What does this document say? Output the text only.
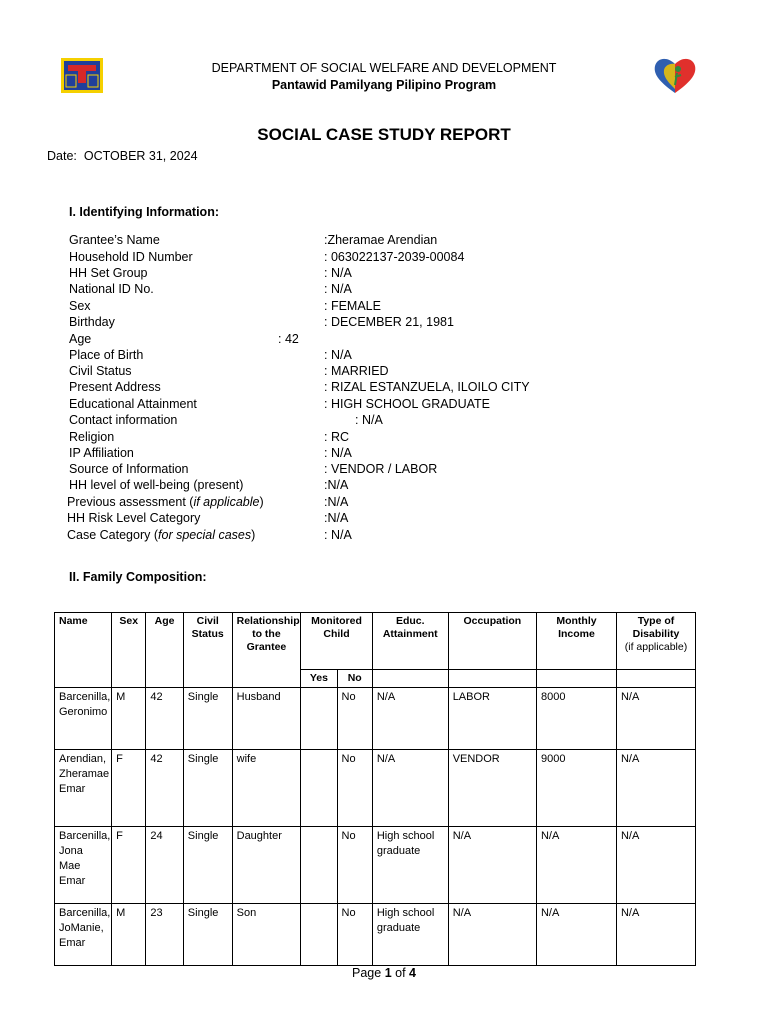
DEPARTMENT OF SOCIAL WELFARE AND DEVELOPMENT
Pantawid Pamilyang Pilipino Program
SOCIAL CASE STUDY REPORT
Date: OCTOBER 31, 2024
I. Identifying Information:
Grantee’s Name	:Zheramae Arendian
Household ID Number	: 063022137-2039-00084
HH Set Group	: N/A
National ID No.	: N/A
Sex	: FEMALE
Birthday	: DECEMBER 21, 1981
Age	: 42
Place of Birth	: N/A
Civil Status	: MARRIED
Present Address	: RIZAL ESTANZUELA, ILOILO CITY
Educational Attainment	: HIGH SCHOOL GRADUATE
Contact information	: N/A
Religion	: RC
IP Affiliation	: N/A
Source of Information	: VENDOR / LABOR
HH level of well-being (present)	:N/A
Previous assessment (if applicable)	:N/A
HH Risk Level Category	:N/A
Case Category (for special cases)	: N/A
II. Family Composition:
Name	Sex	Age	Civil Status	Relationship to the Grantee	Monitored Child		Educ. Attainment	Occupation	Monthly Income	Type of Disability
(if applicable)
					Yes	No				
Barcenilla, Geronimo	M	42	Single	Husband		No	N/A	LABOR	8000	N/A
Arendian, Zheramae Emar	F	42	Single	wife		No	N/A	VENDOR	9000	N/A
Barcenilla, Jona Mae Emar	F	24	Single	Daughter		No	High school graduate	N/A	N/A	N/A
Barcenilla, JoManie, Emar	M	23	Single	Son		No	High school graduate	N/A	N/A	N/A
Page 1 of 4
